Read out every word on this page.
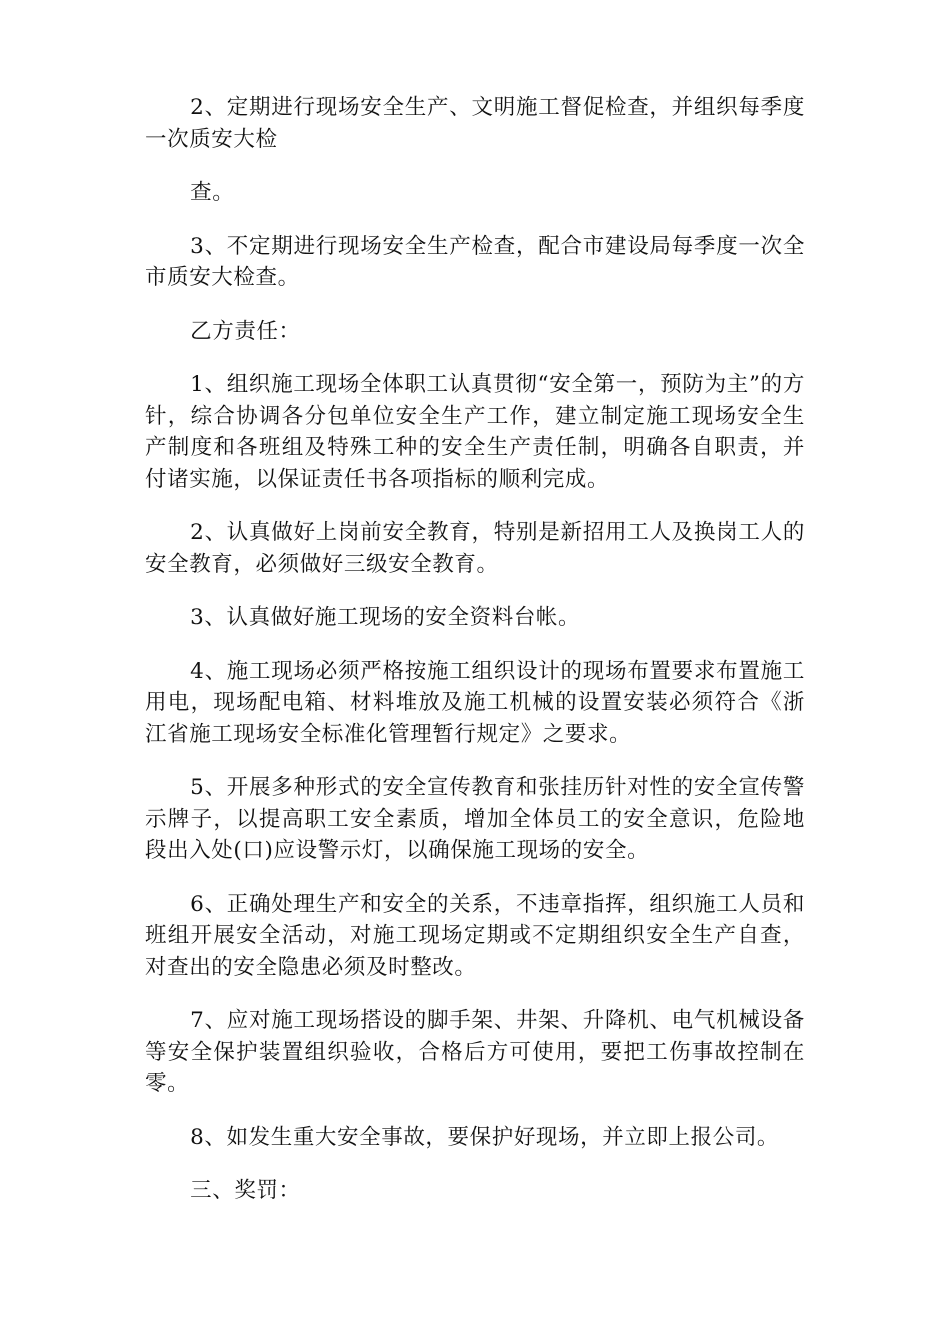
2、定期进行现场安全生产、文明施工督促检查，并组织每季度一次质安大检

查。

3、不定期进行现场安全生产检查，配合市建设局每季度一次全市质安大检查。

乙方责任：

1、组织施工现场全体职工认真贯彻“安全第一，预防为主”的方针，综合协调各分包单位安全生产工作，建立制定施工现场安全生产制度和各班组及特殊工种的安全生产责任制，明确各自职责，并付诸实施，以保证责任书各项指标的顺利完成。

2、认真做好上岗前安全教育，特别是新招用工人及换岗工人的安全教育，必须做好三级安全教育。

3、认真做好施工现场的安全资料台帐。

4、施工现场必须严格按施工组织设计的现场布置要求布置施工用电，现场配电箱、材料堆放及施工机械的设置安装必须符合《浙江省施工现场安全标准化管理暂行规定》之要求。

5、开展多种形式的安全宣传教育和张挂历针对性的安全宣传警示牌子，以提高职工安全素质，增加全体员工的安全意识，危险地段出入处(口)应设警示灯，以确保施工现场的安全。

6、正确处理生产和安全的关系，不违章指挥，组织施工人员和班组开展安全活动，对施工现场定期或不定期组织安全生产自查，对查出的安全隐患必须及时整改。

7、应对施工现场搭设的脚手架、井架、升降机、电气机械设备等安全保护装置组织验收，合格后方可使用，要把工伤事故控制在零。

8、如发生重大安全事故，要保护好现场，并立即上报公司。

三、奖罚：
